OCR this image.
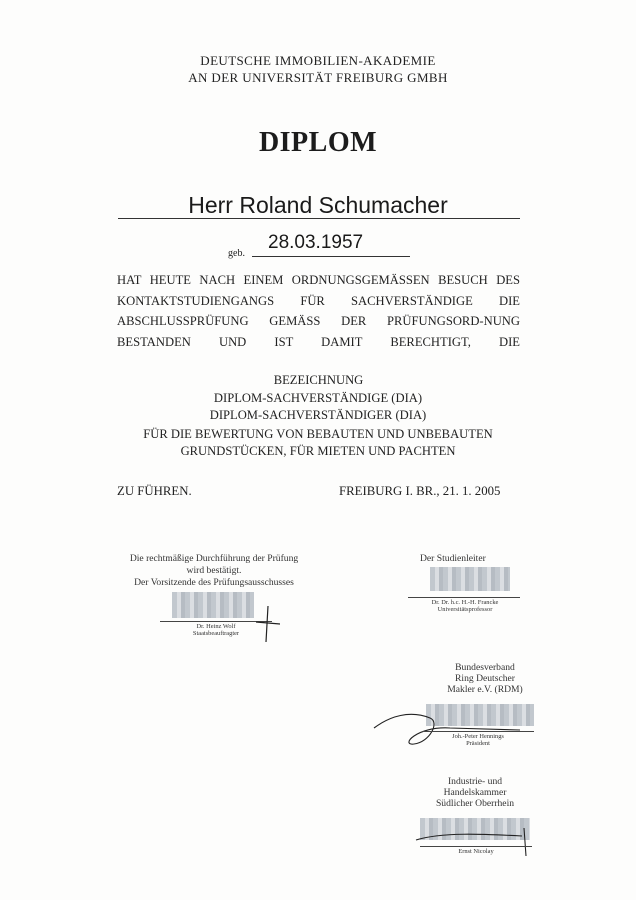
DEUTSCHE IMMOBILIEN-AKADEMIE
AN DER UNIVERSITÄT FREIBURG GMBH
DIPLOM
Herr Roland Schumacher
geb.
28.03.1957
HAT HEUTE NACH EINEM ORDNUNGSGEMÄSSEN BESUCH DES KONTAKTSTUDIENGANGS FÜR SACHVERSTÄNDIGE DIE ABSCHLUSSPRÜFUNG GEMÄSS DER PRÜFUNGSORD-NUNG BESTANDEN UND IST DAMIT BERECHTIGT, DIE
BEZEICHNUNG
DIPLOM-SACHVERSTÄNDIGE (DIA)
DIPLOM-SACHVERSTÄNDIGER (DIA)
FÜR DIE BEWERTUNG VON BEBAUTEN UND UNBEBAUTEN
GRUNDSTÜCKEN, FÜR MIETEN UND PACHTEN
ZU FÜHREN.	FREIBURG I. BR., 21. 1. 2005
Die rechtmäßige Durchführung der Prüfung
wird bestätigt.
Der Vorsitzende des Prüfungsausschusses
Dr. Heinz Wolf
Staatsbeauftragter
Der Studienleiter
Dr. Dr. h.c. H.-H. Francke
Universitätsprofessor
Bundesverband
Ring Deutscher
Makler e.V. (RDM)
Joh.-Peter Hennings
Präsident
Industrie- und
Handelskammer
Südlicher Oberrhein
Ernst Nicolay
